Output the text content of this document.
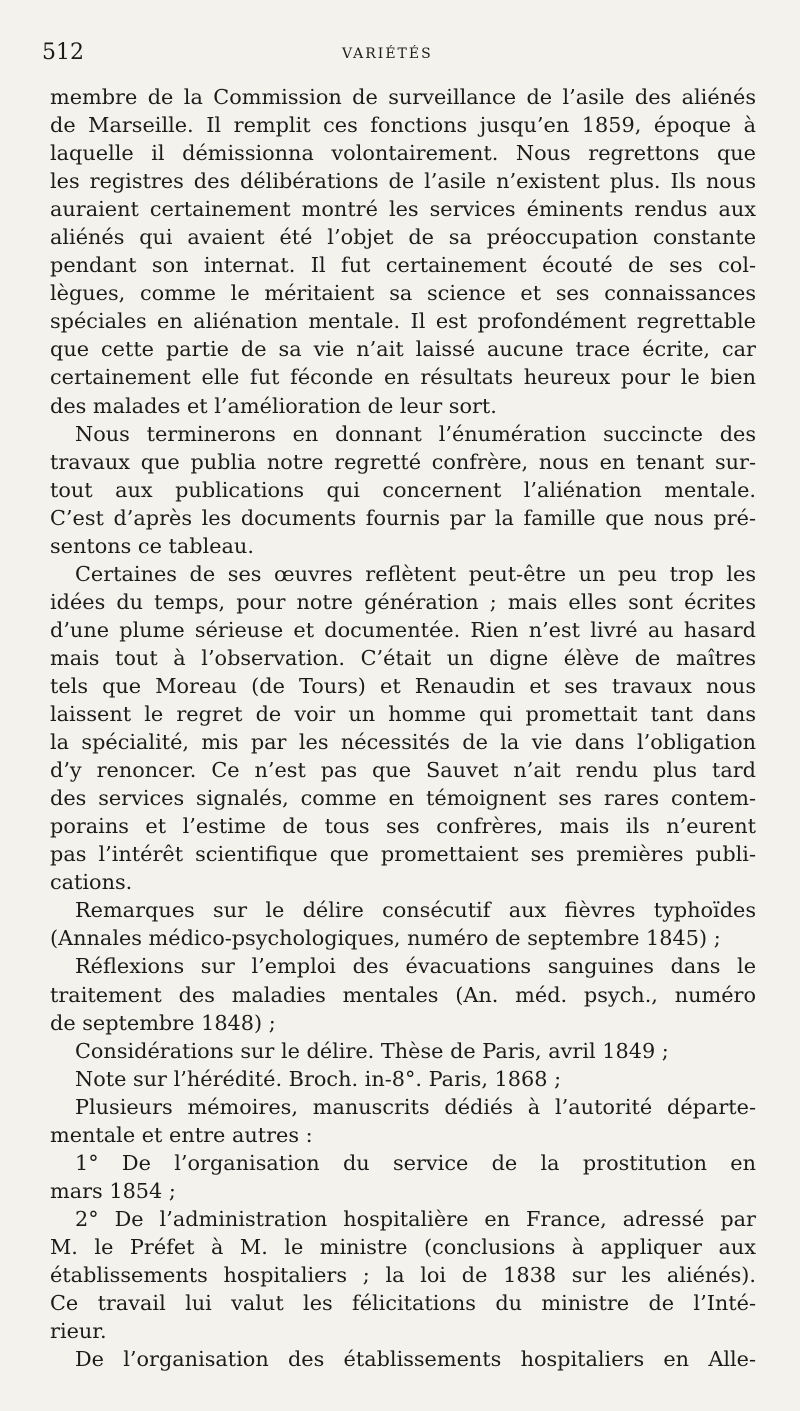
512	VARIÉTÉS
membre de la Commission de surveillance de l’asile des aliénés
de Marseille. Il remplit ces fonctions jusqu’en 1859, époque à
laquelle il démissionna volontairement. Nous regrettons que
les registres des délibérations de l’asile n’existent plus. Ils nous
auraient certainement montré les services éminents rendus aux
aliénés qui avaient été l’objet de sa préoccupation constante
pendant son internat. Il fut certainement écouté de ses col-
lègues, comme le méritaient sa science et ses connaissances
spéciales en aliénation mentale. Il est profondément regrettable
que cette partie de sa vie n’ait laissé aucune trace écrite, car
certainement elle fut féconde en résultats heureux pour le bien
des malades et l’amélioration de leur sort.
Nous terminerons en donnant l’énumération succincte des
travaux que publia notre regretté confrère, nous en tenant sur-
tout aux publications qui concernent l’aliénation mentale.
C’est d’après les documents fournis par la famille que nous pré-
sentons ce tableau.
Certaines de ses œuvres reflètent peut-être un peu trop les
idées du temps, pour notre génération ; mais elles sont écrites
d’une plume sérieuse et documentée. Rien n’est livré au hasard
mais tout à l’observation. C’était un digne élève de maîtres
tels que Moreau (de Tours) et Renaudin et ses travaux nous
laissent le regret de voir un homme qui promettait tant dans
la spécialité, mis par les nécessités de la vie dans l’obligation
d’y renoncer. Ce n’est pas que Sauvet n’ait rendu plus tard
des services signalés, comme en témoignent ses rares contem-
porains et l’estime de tous ses confrères, mais ils n’eurent
pas l’intérêt scientifique que promettaient ses premières publi-
cations.
Remarques sur le délire consécutif aux fièvres typhoïdes
(Annales médico-psychologiques, numéro de septembre 1845) ;
Réflexions sur l’emploi des évacuations sanguines dans le
traitement des maladies mentales (An. méd. psych., numéro
de septembre 1848) ;
Considérations sur le délire. Thèse de Paris, avril 1849 ;
Note sur l’hérédité. Broch. in-8°. Paris, 1868 ;
Plusieurs mémoires, manuscrits dédiés à l’autorité départe-
mentale et entre autres :
1° De l’organisation du service de la prostitution en
mars 1854 ;
2° De l’administration hospitalière en France, adressé par
M. le Préfet à M. le ministre (conclusions à appliquer aux
établissements hospitaliers ; la loi de 1838 sur les aliénés).
Ce travail lui valut les félicitations du ministre de l’Inté-
rieur.
De l’organisation des établissements hospitaliers en Alle-
